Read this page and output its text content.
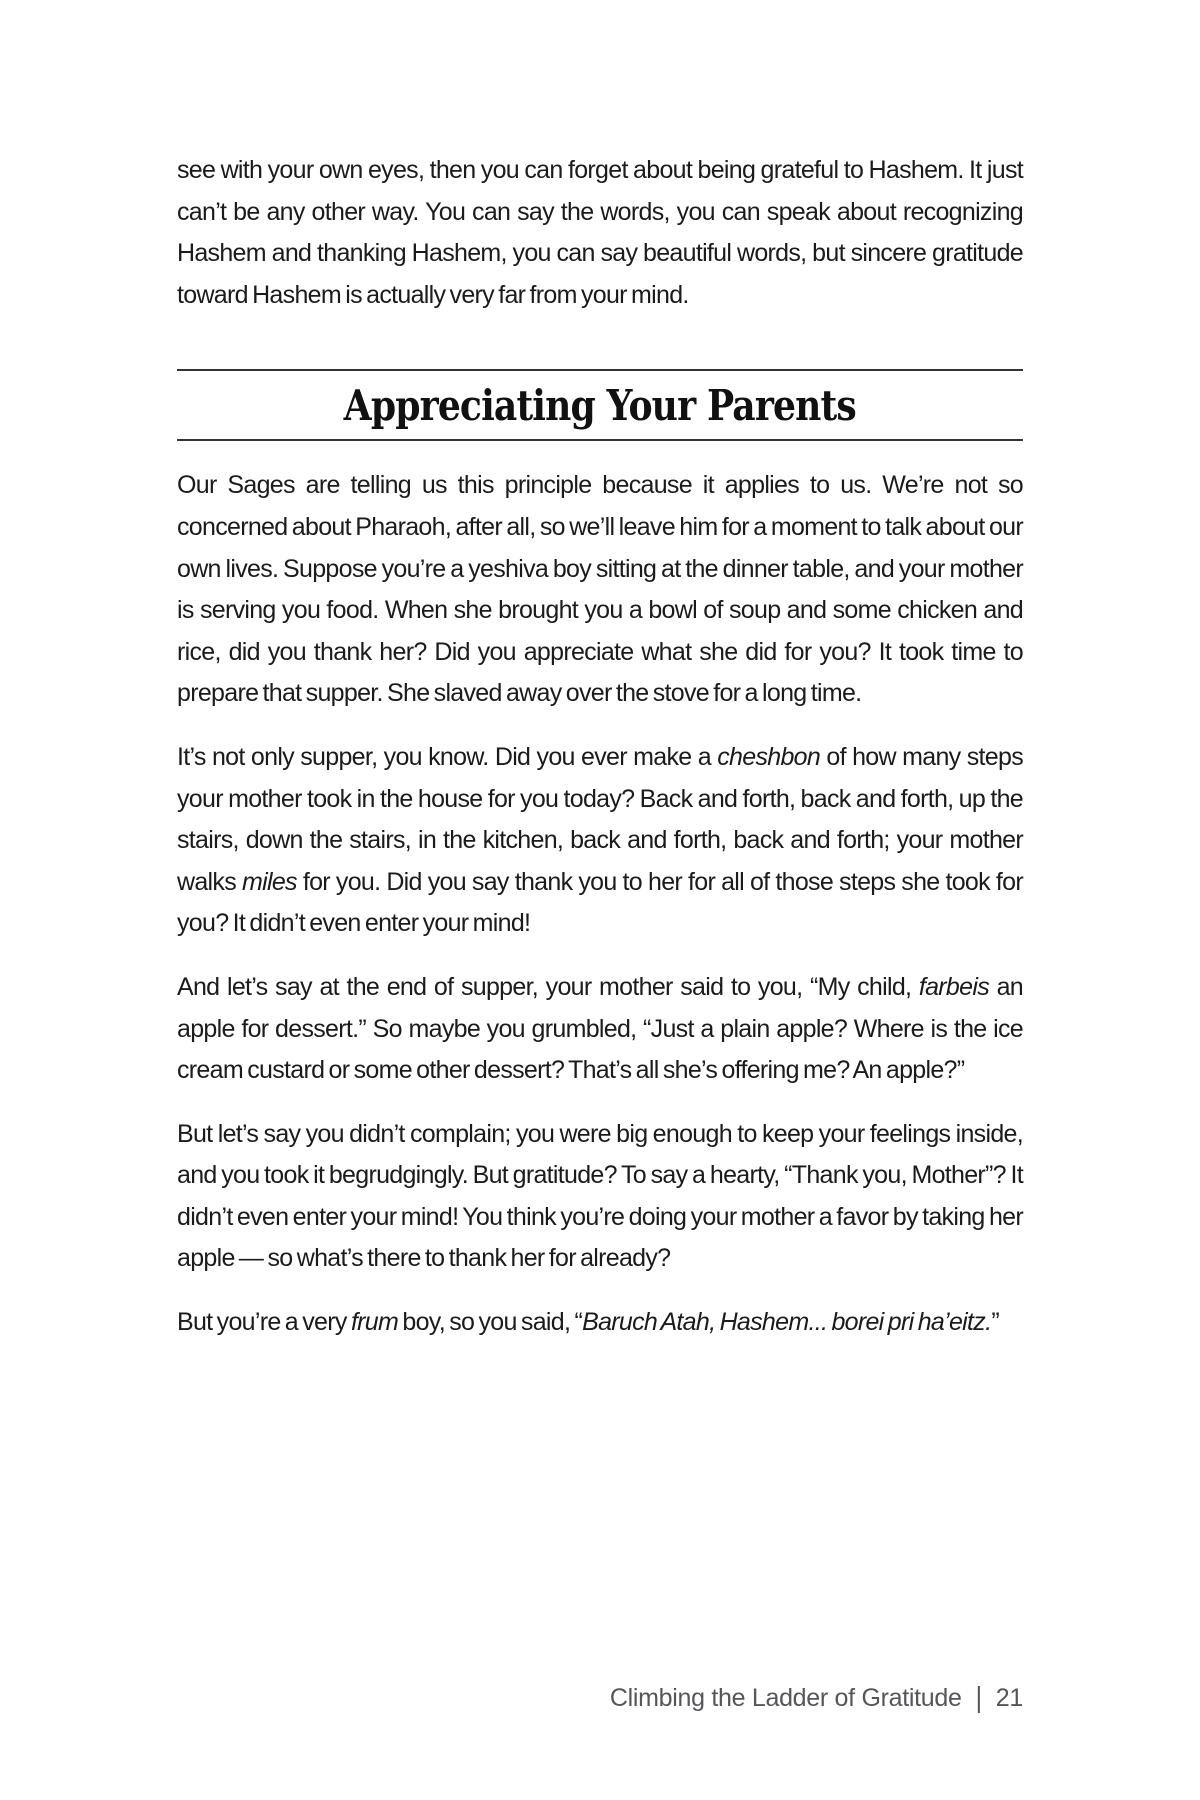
see with your own eyes, then you can forget about being grateful to Hashem. It just can’t be any other way. You can say the words, you can speak about recognizing Hashem and thanking Hashem, you can say beautiful words, but sincere gratitude toward Hashem is actually very far from your mind.

Appreciating Your Parents

Our Sages are telling us this principle because it applies to us. We’re not so concerned about Pharaoh, after all, so we’ll leave him for a moment to talk about our own lives. Suppose you’re a yeshiva boy sitting at the dinner table, and your mother is serving you food. When she brought you a bowl of soup and some chicken and rice, did you thank her? Did you appreciate what she did for you? It took time to prepare that supper. She slaved away over the stove for a long time.

It’s not only supper, you know. Did you ever make a cheshbon of how many steps your mother took in the house for you today? Back and forth, back and forth, up the stairs, down the stairs, in the kitchen, back and forth, back and forth; your mother walks miles for you. Did you say thank you to her for all of those steps she took for you? It didn’t even enter your mind!

And let’s say at the end of supper, your mother said to you, “My child, farbeis an apple for dessert.” So maybe you grumbled, “Just a plain apple? Where is the ice cream custard or some other dessert? That’s all she’s offering me? An apple?”

But let’s say you didn’t complain; you were big enough to keep your feelings inside, and you took it begrudgingly. But gratitude? To say a hearty, “Thank you, Mother”? It didn’t even enter your mind! You think you’re doing your mother a favor by taking her apple — so what’s there to thank her for already?

But you’re a very frum boy, so you said, “Baruch Atah, Hashem... borei pri ha’eitz.”

Climbing the Ladder of Gratitude | 21
